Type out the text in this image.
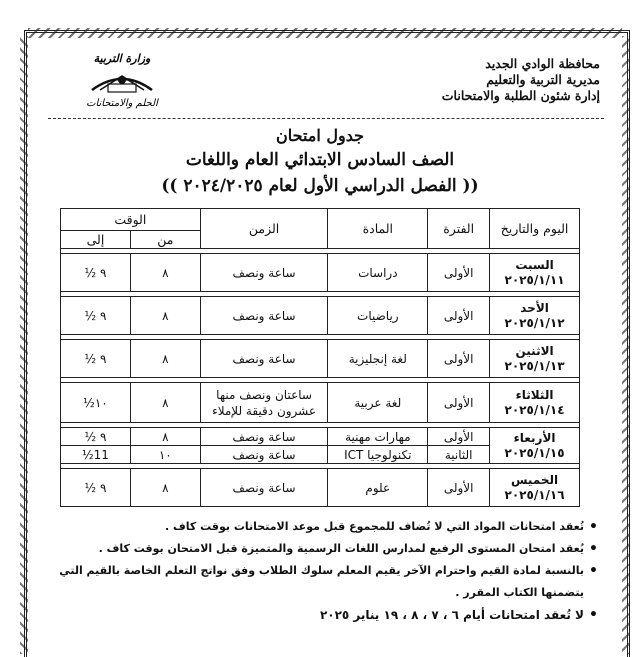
محافظة الوادي الجديد
مديرية التربية والتعليم
إدارة شئون الطلبة والامتحانات
وزارة التربية
الحلم والامتحانات
جدول امتحان
الصف السادس الابتدائي العام واللغات
(( الفصل الدراسي الأول لعام ٢٠٢٤/٢٠٢٥ ))
اليوم والتاريخ	الفترة	المادة	الزمن	الوقت	
				من	إلى

السبت
٢٠٢٥/١/١١	الأولى	دراسات	ساعة ونصف	٨	٩ ½

الأحد
٢٠٢٥/١/١٢	الأولى	رياضيات	ساعة ونصف	٨	٩ ½

الاثنين
٢٠٢٥/١/١٣	الأولى	لغة إنجليزية	ساعة ونصف	٨	٩ ½

الثلاثاء
٢٠٢٥/١/١٤	الأولى	لغة عربية	ساعتان ونصف منها عشرون دقيقة للإملاء	٨	١٠½

الأربعاء
٢٠٢٥/١/١٥	الأولى	مهارات مهنية	ساعة ونصف	٨	٩ ½
	الثانية	تكنولوجيا ICT	ساعة ونصف	١٠	11½

الخميس
٢٠٢٥/١/١٦	الأولى	علوم	ساعة ونصف	٨	٩ ½
• تُعقد امتحانات المواد التي لا تُضاف للمجموع قبل موعد الامتحانات بوقت كاف .
• يُعقد امتحان المستوى الرفيع لمدارس اللغات الرسمية والمتميزة قبل الامتحان بوقت كاف .
• بالنسبة لمادة القيم واحترام الآخر يقيم المعلم سلوك الطلاب وفق نواتج التعلم الخاصة بالقيم التي يتضمنها الكتاب المقرر .
• لا تُعقد امتحانات أيام ٦ ، ٧ ، ٨ ، ١٩ يناير ٢٠٢٥
